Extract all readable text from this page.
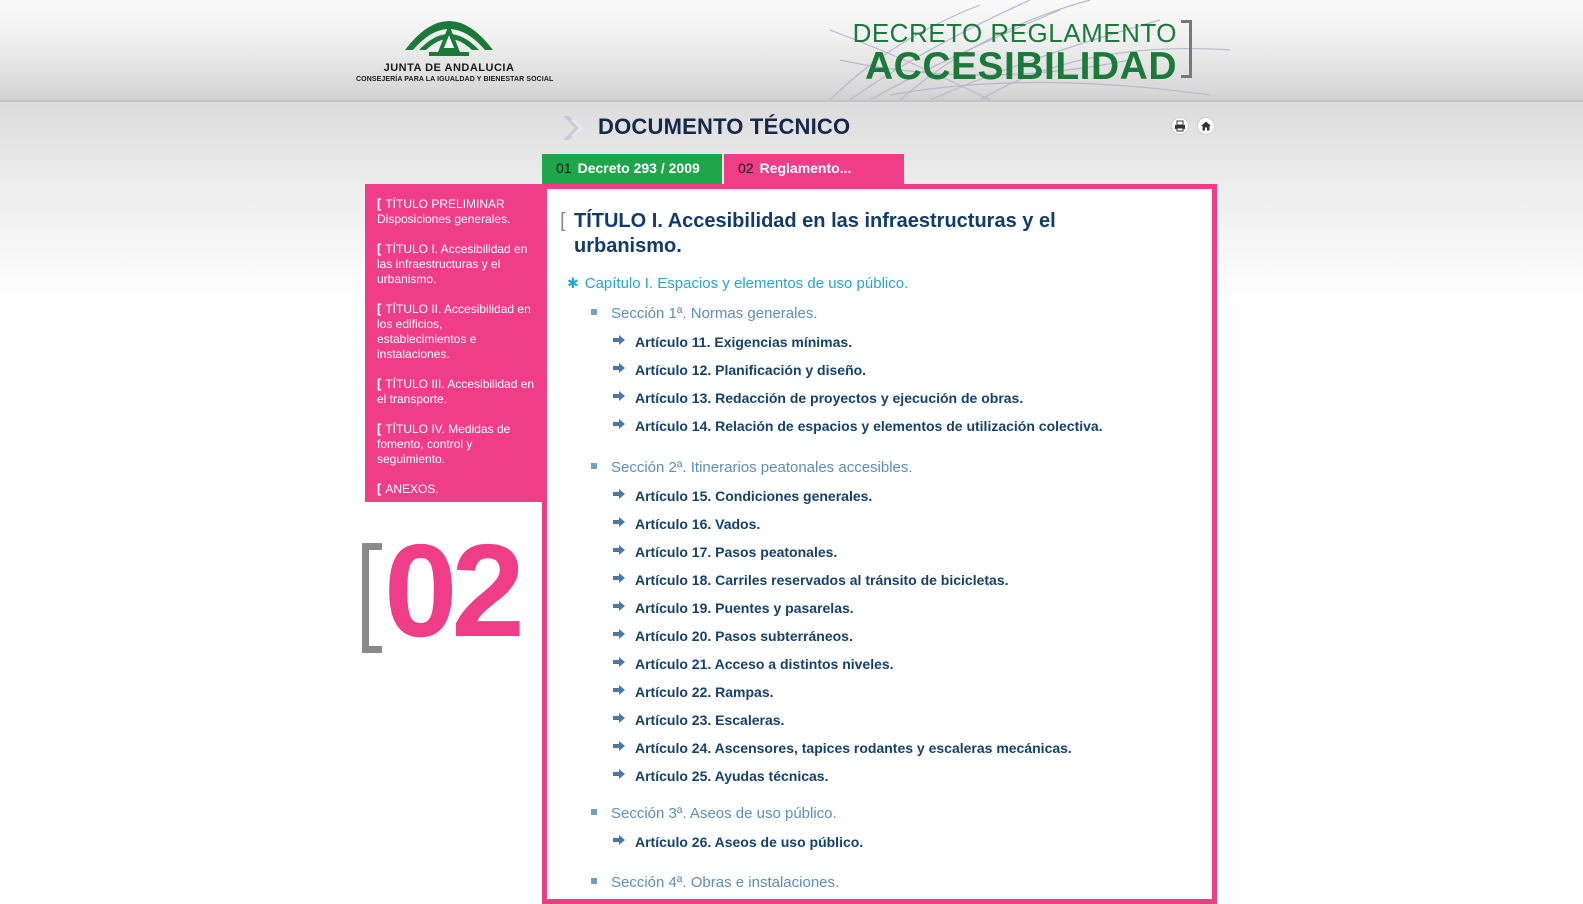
JUNTA DE ANDALUCIA
CONSEJERÍA PARA LA IGUALDAD Y BIENESTAR SOCIAL
DECRETO REGLAMENTO
ACCESIBILIDAD
DOCUMENTO TÉCNICO
01 Decreto 293 / 2009	02 Reglamento...
[ TÍTULO PRELIMINAR Disposiciones generales.
[ TÍTULO I. Accesibilidad en las infraestructuras y el urbanismo.
[ TÍTULO II. Accesibilidad en los edificios, establecimientos e instalaciones.
[ TÍTULO III. Accesibilidad en el transporte.
[ TÍTULO IV. Medidas de fomento, control y seguimiento.
[ ANEXOS.
02
[ TÍTULO I. Accesibilidad en las infraestructuras y el urbanismo.
✱ Capítulo I. Espacios y elementos de uso público.
Sección 1ª. Normas generales.
Artículo 11. Exigencias mínimas.
Artículo 12. Planificación y diseño.
Artículo 13. Redacción de proyectos y ejecución de obras.
Artículo 14. Relación de espacios y elementos de utilización colectiva.
Sección 2ª. Itinerarios peatonales accesibles.
Artículo 15. Condiciones generales.
Artículo 16. Vados.
Artículo 17. Pasos peatonales.
Artículo 18. Carriles reservados al tránsito de bicicletas.
Artículo 19. Puentes y pasarelas.
Artículo 20. Pasos subterráneos.
Artículo 21. Acceso a distintos niveles.
Artículo 22. Rampas.
Artículo 23. Escaleras.
Artículo 24. Ascensores, tapices rodantes y escaleras mecánicas.
Artículo 25. Ayudas técnicas.
Sección 3ª. Aseos de uso público.
Artículo 26. Aseos de uso público.
Sección 4ª. Obras e instalaciones.
